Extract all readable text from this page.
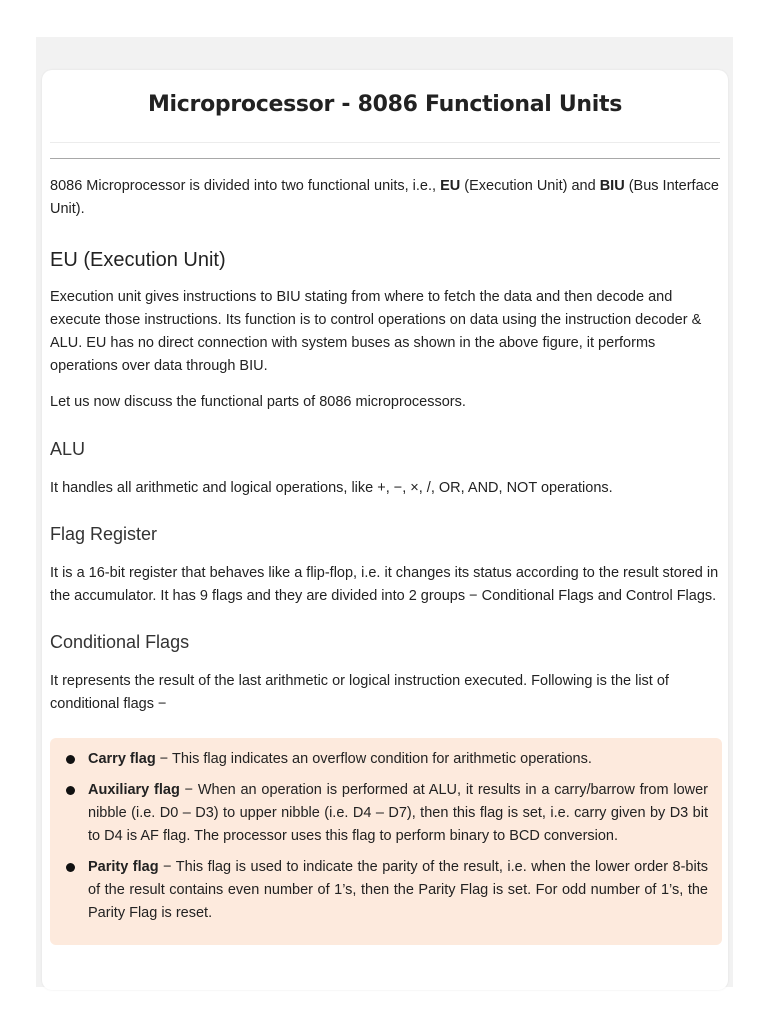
Microprocessor - 8086 Functional Units

8086 Microprocessor is divided into two functional units, i.e., EU (Execution Unit) and BIU (Bus Interface Unit).

EU (Execution Unit)

Execution unit gives instructions to BIU stating from where to fetch the data and then decode and execute those instructions. Its function is to control operations on data using the instruction decoder & ALU. EU has no direct connection with system buses as shown in the above figure, it performs operations over data through BIU.

Let us now discuss the functional parts of 8086 microprocessors.

ALU

It handles all arithmetic and logical operations, like +, −, ×, /, OR, AND, NOT operations.

Flag Register

It is a 16-bit register that behaves like a flip-flop, i.e. it changes its status according to the result stored in the accumulator. It has 9 flags and they are divided into 2 groups − Conditional Flags and Control Flags.

Conditional Flags

It represents the result of the last arithmetic or logical instruction executed. Following is the list of conditional flags −

Carry flag − This flag indicates an overflow condition for arithmetic operations.
Auxiliary flag − When an operation is performed at ALU, it results in a carry/barrow from lower nibble (i.e. D0 – D3) to upper nibble (i.e. D4 – D7), then this flag is set, i.e. carry given by D3 bit to D4 is AF flag. The processor uses this flag to perform binary to BCD conversion.
Parity flag − This flag is used to indicate the parity of the result, i.e. when the lower order 8-bits of the result contains even number of 1’s, then the Parity Flag is set. For odd number of 1’s, the Parity Flag is reset.
